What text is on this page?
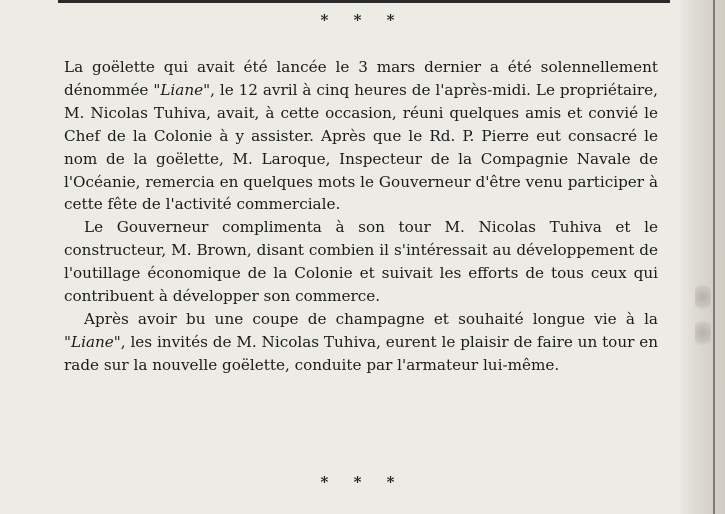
* * *

La goëlette qui avait été lancée le 3 mars dernier a été solennellement dénommée "Liane", le 12 avril à cinq heures de l'après-midi. Le propriétaire, M. Nicolas Tuhiva, avait, à cette occasion, réuni quelques amis et convié le Chef de la Colonie à y assister. Après que le Rd. P. Pierre eut consacré le nom de la goëlette, M. Laroque, Inspecteur de la Compagnie Navale de l'Océanie, remercia en quelques mots le Gouverneur d'être venu participer à cette fête de l'activité commerciale.

Le Gouverneur complimenta à son tour M. Nicolas Tuhiva et le constructeur, M. Brown, disant combien il s'intéressait au développement de l'outillage économique de la Colonie et suivait les efforts de tous ceux qui contribuent à développer son commerce.

Après avoir bu une coupe de champagne et souhaité longue vie à la "Liane", les invités de M. Nicolas Tuhiva, eurent le plaisir de faire un tour en rade sur la nouvelle goëlette, conduite par l'armateur lui-même.

* * *
